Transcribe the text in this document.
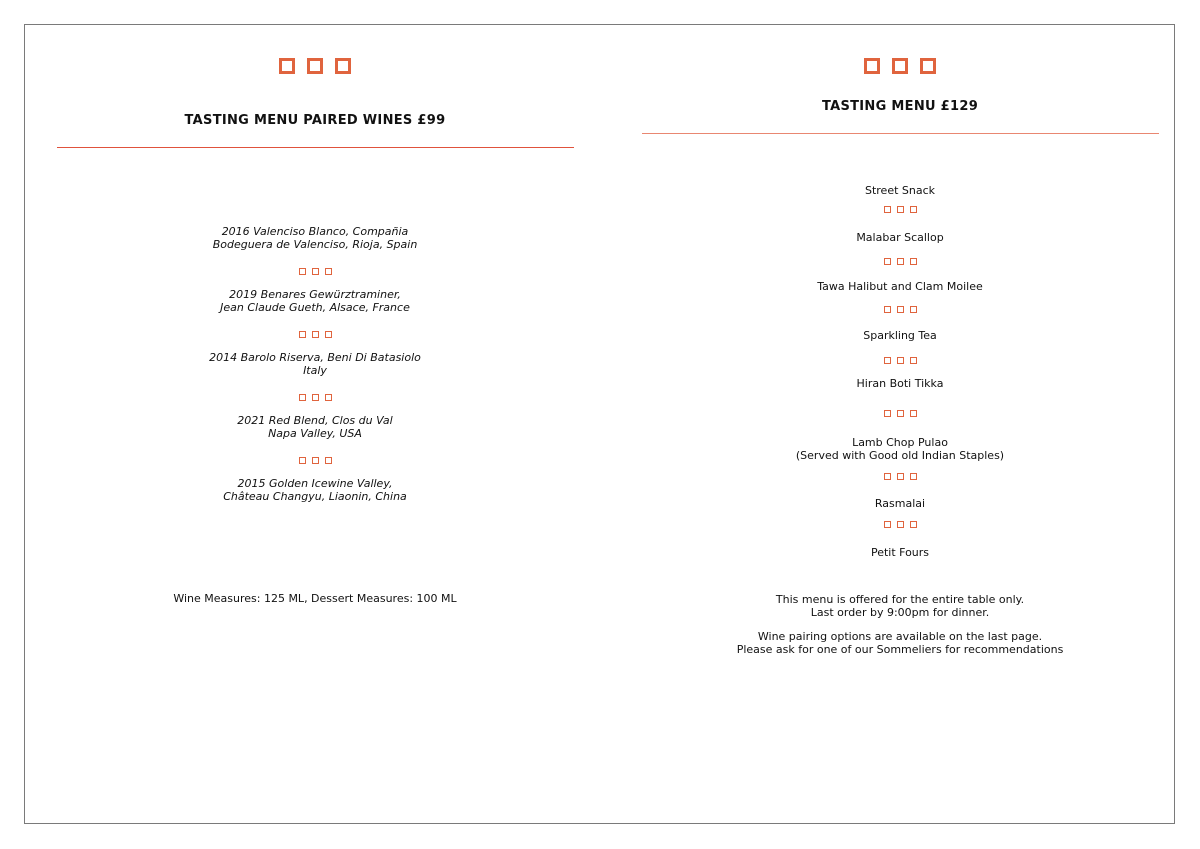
TASTING MENU PAIRED WINES £99
2016 Valenciso Blanco, Compañia
Bodeguera de Valenciso, Rioja, Spain
2019 Benares Gewürztraminer,
Jean Claude Gueth, Alsace, France
2014 Barolo Riserva, Beni Di Batasiolo
Italy
2021 Red Blend, Clos du Val
Napa Valley, USA
2015 Golden Icewine Valley,
Château Changyu, Liaonin, China
Wine Measures: 125 ML, Dessert Measures: 100 ML
TASTING MENU £129
Street Snack
Malabar Scallop
Tawa Halibut and Clam Moilee
Sparkling Tea
Hiran Boti Tikka
Lamb Chop Pulao
(Served with Good old Indian Staples)
Rasmalai
Petit Fours
This menu is offered for the entire table only.
Last order by 9:00pm for dinner.
Wine pairing options are available on the last page.
Please ask for one of our Sommeliers for recommendations
